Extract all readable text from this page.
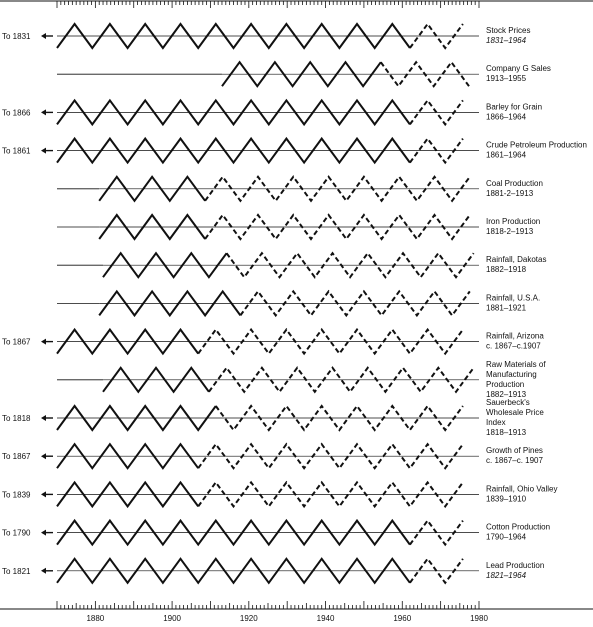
To 1831
Stock Prices
1831–1964
Company G Sales
1913–1955
To 1866
Barley for Grain
1866–1964
To 1861
Crude Petroleum Production
1861–1964
Coal Production
1881-2–1913
Iron Production
1818-2–1913
Rainfall, Dakotas
1882–1918
Rainfall, U.S.A.
1881–1921
To 1867
Rainfall, Arizona
c. 1867–c.1907
Raw Materials of
Manufacturing
Production
1882–1913
To 1818
Sauerbeck's
Wholesale Price
Index
1818–1913
To 1867
Growth of Pines
c. 1867–c. 1907
To 1839
Rainfall, Ohio Valley
1839–1910
To 1790
Cotton Production
1790–1964
To 1821
Lead Production
1821–1964
1880	1900	1920	1940	1960	1980
